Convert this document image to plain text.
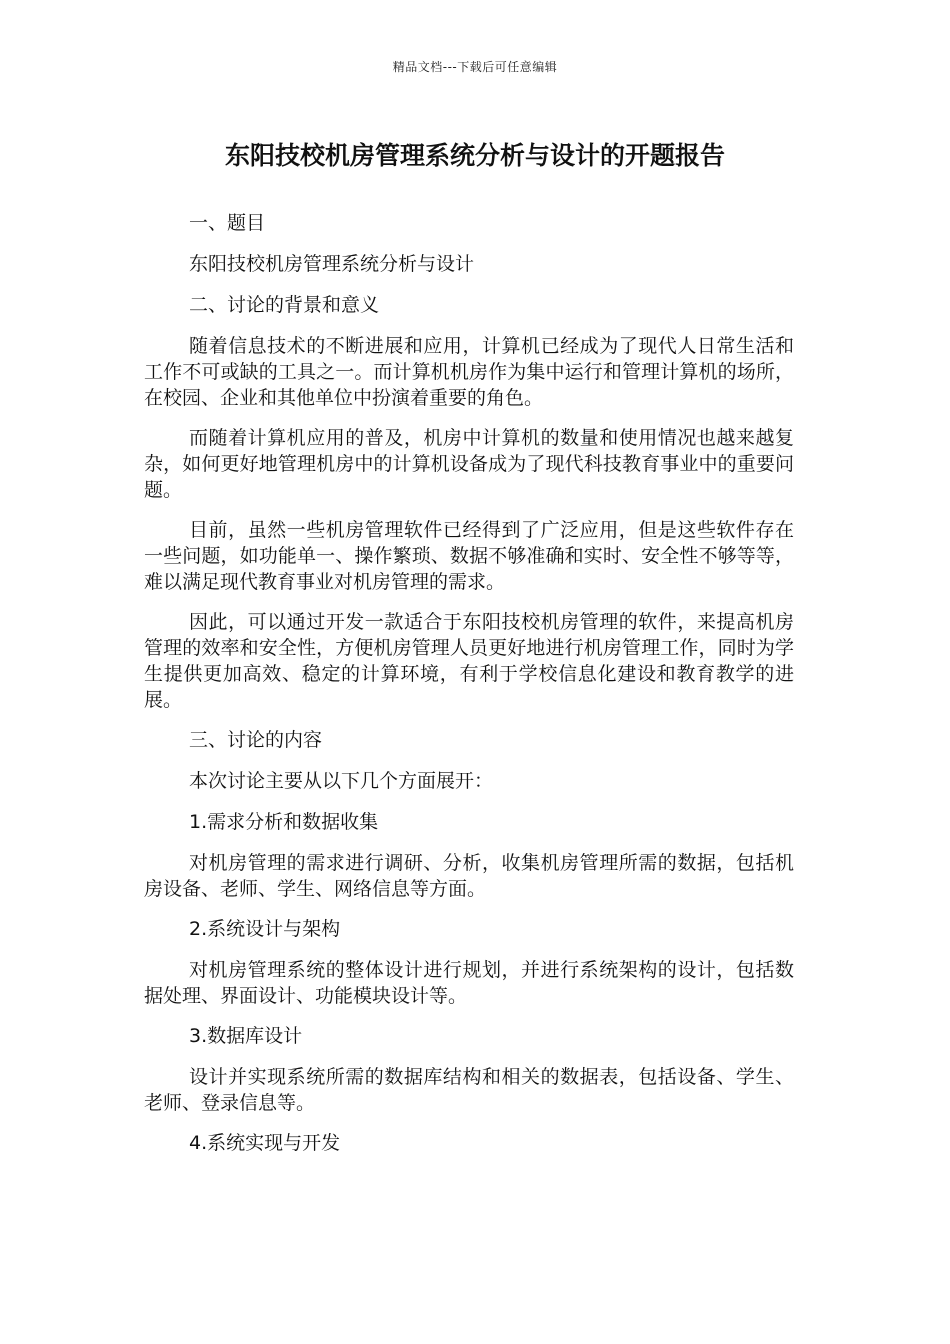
精品文档---下载后可任意编辑
东阳技校机房管理系统分析与设计的开题报告
一、题目
东阳技校机房管理系统分析与设计
二、讨论的背景和意义

随着信息技术的不断进展和应用，计算机已经成为了现代人日常生活和工作不可或缺的工具之一。而计算机机房作为集中运行和管理计算机的场所，在校园、企业和其他单位中扮演着重要的角色。

而随着计算机应用的普及，机房中计算机的数量和使用情况也越来越复杂，如何更好地管理机房中的计算机设备成为了现代科技教育事业中的重要问题。

目前，虽然一些机房管理软件已经得到了广泛应用，但是这些软件存在一些问题，如功能单一、操作繁琐、数据不够准确和实时、安全性不够等等，难以满足现代教育事业对机房管理的需求。

因此，可以通过开发一款适合于东阳技校机房管理的软件，来提高机房管理的效率和安全性，方便机房管理人员更好地进行机房管理工作，同时为学生提供更加高效、稳定的计算环境，有利于学校信息化建设和教育教学的进展。

三、讨论的内容
本次讨论主要从以下几个方面展开：
1.需求分析和数据收集

对机房管理的需求进行调研、分析，收集机房管理所需的数据，包括机房设备、老师、学生、网络信息等方面。

2.系统设计与架构

对机房管理系统的整体设计进行规划，并进行系统架构的设计，包括数据处理、界面设计、功能模块设计等。

3.数据库设计

设计并实现系统所需的数据库结构和相关的数据表，包括设备、学生、老师、登录信息等。

4.系统实现与开发
